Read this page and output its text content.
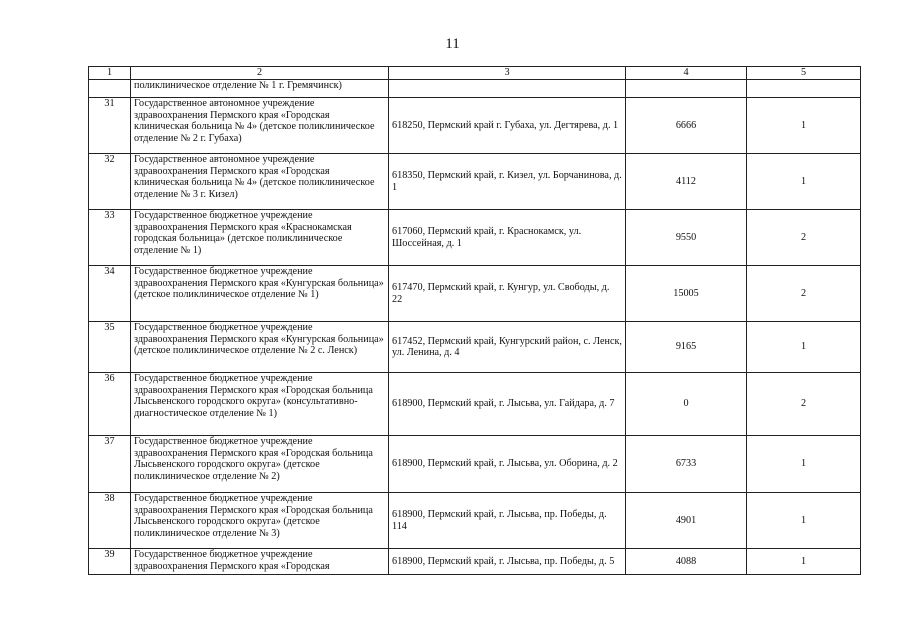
11
1	2	3	4	5
	поликлиническое отделение № 1 г. Гремячинск)			
31	Государственное автономное учреждение здравоохранения Пермского края «Городская клиническая больница № 4» (детское поликлиническое отделение № 2 г. Губаха)	618250, Пермский край г. Губаха, ул. Дегтярева, д. 1	6666	1
32	Государственное автономное учреждение здравоохранения Пермского края «Городская клиническая больница № 4» (детское поликлиническое отделение № 3 г. Кизел)	618350, Пермский край, г. Кизел, ул. Борчанинова, д. 1	4112	1
33	Государственное бюджетное учреждение здравоохранения Пермского края «Краснокамская городская больница» (детское поликлиническое отделение № 1)	617060, Пермский край, г. Краснокамск, ул. Шоссейная, д. 1	9550	2
34	Государственное бюджетное учреждение здравоохранения Пермского края «Кунгурская больница» (детское поликлиническое отделение № 1)	617470, Пермский край, г. Кунгур, ул. Свободы, д. 22	15005	2
35	Государственное бюджетное учреждение здравоохранения Пермского края «Кунгурская больница» (детское поликлиническое отделение № 2 с. Ленск)	617452, Пермский край, Кунгурский район, с. Ленск, ул. Ленина, д. 4	9165	1
36	Государственное бюджетное учреждение здравоохранения Пермского края «Городская больница Лысьвенского городского округа» (консультативно-диагностическое отделение № 1)	618900, Пермский край, г. Лысьва, ул. Гайдара, д. 7	0	2
37	Государственное бюджетное учреждение здравоохранения Пермского края «Городская больница Лысьвенского городского округа» (детское поликлиническое отделение № 2)	618900, Пермский край, г. Лысьва, ул. Оборина, д. 2	6733	1
38	Государственное бюджетное учреждение здравоохранения Пермского края «Городская больница Лысьвенского городского округа» (детское поликлиническое отделение № 3)	618900, Пермский край, г. Лысьва, пр. Победы, д. 114	4901	1
39	Государственное бюджетное учреждение здравоохранения Пермского края «Городская	618900, Пермский край, г. Лысьва, пр. Победы, д. 5	4088	1
